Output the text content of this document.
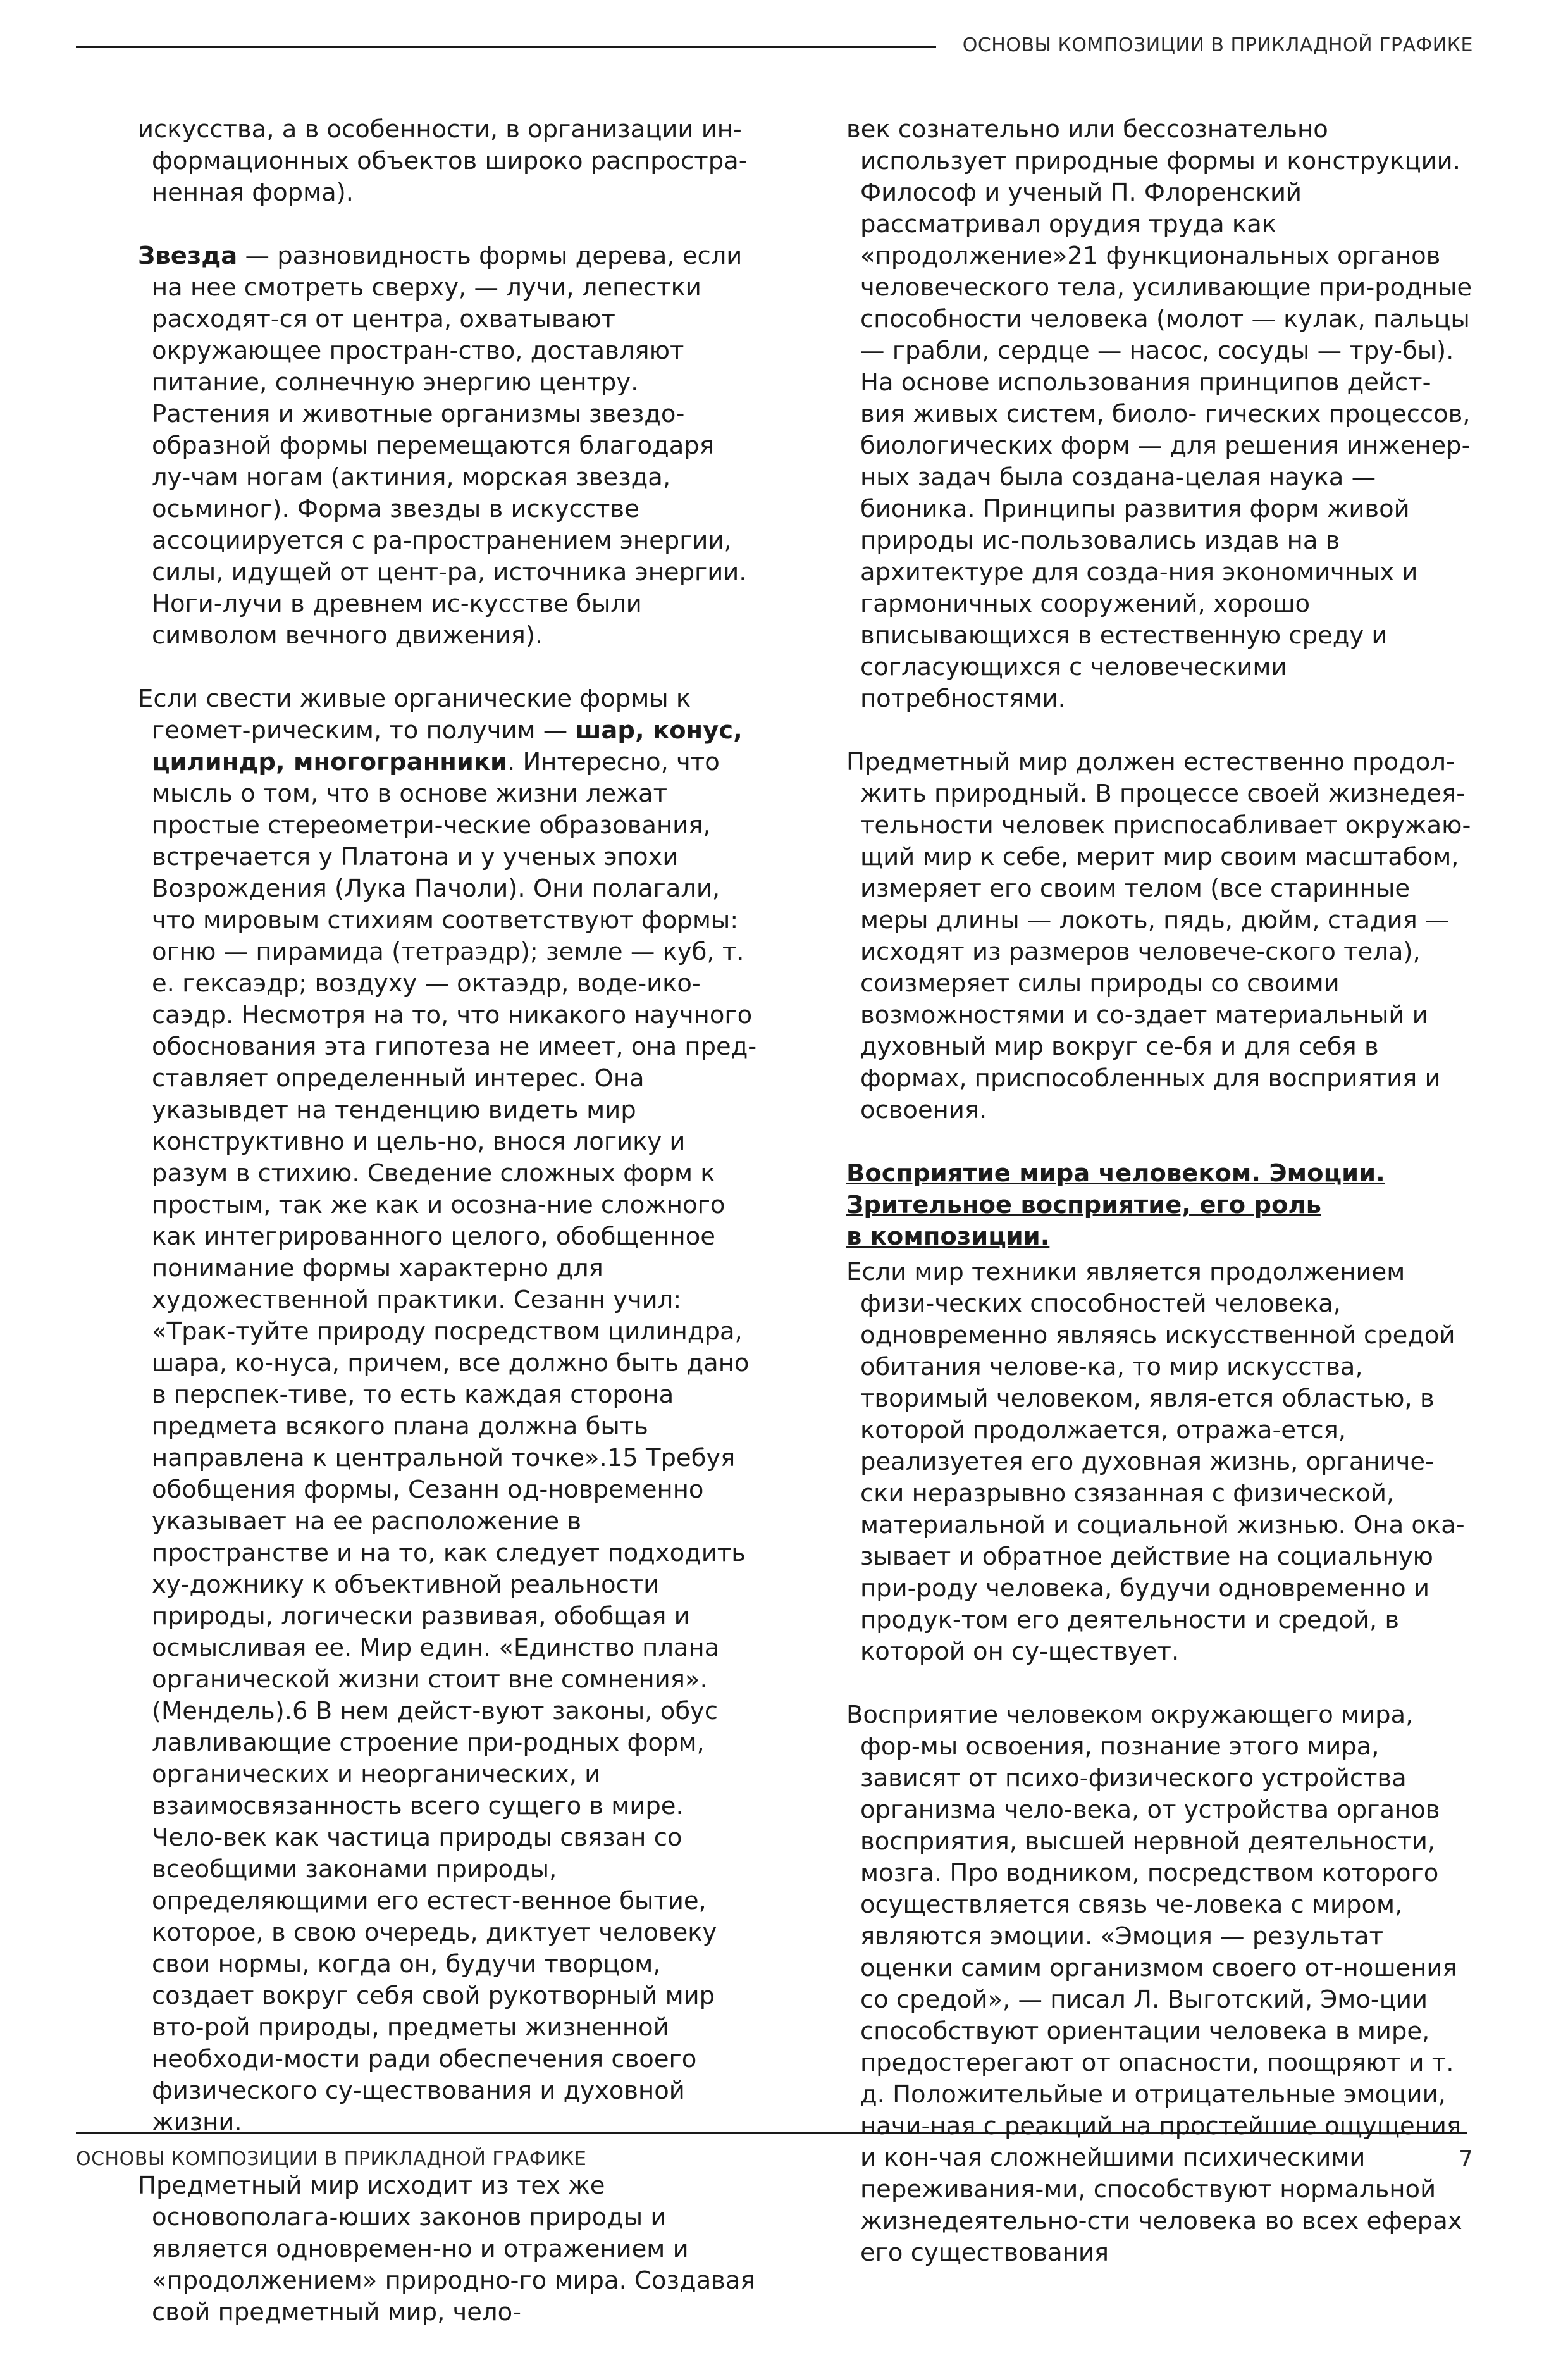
ОСНОВЫ КОМПОЗИЦИИ В ПРИКЛАДНОЙ ГРАФИКЕ

искусства, а в особенности, в организации ин-формационных объектов широко распростра-ненная форма).

Звезда — разновидность формы дерева, если на нее смотреть сверху, — лучи, лепестки расходят-ся от центра, охватывают окружающее простран-ство, доставляют питание, солнечную энергию центру. Растения и животные организмы звездо-образной формы перемещаются благодаря лу-чам ногам (актиния, морская звезда, осьминог). Форма звезды в искусстве ассоциируется с ра-пространением энергии, силы, идущей от цент-ра, источника энергии. Ноги-лучи в древнем ис-кусстве были символом вечного движения).

Если свести живые органические формы к геомет-рическим, то получим — шар, конус, цилиндр, многогранники. Интересно, что мысль о том, что в основе жизни лежат простые стереометри-ческие образования, встречается у Платона и у ученых эпохи Возрождения (Лука Пачоли). Они полагали, что мировым стихиям соответствуют формы: огню — пирамида (тетраэдр); земле — куб, т. е. гексаэдр; воздуху — октаэдр, воде-ико-саэдр. Несмотря на то, что никакого научного обоснования эта гипотеза не имеет, она пред-ставляет определенный интерес. Она указывдет на тенденцию видеть мир конструктивно и цель-но, внося логику и разум в стихию. Сведение сложных форм к простым, так же как и осозна-ние сложного как интегрированного целого, обобщенное понимание формы характерно для художественной практики. Сезанн учил: «Трак-туйте природу посредством цилиндра, шара, ко-нуса, причем, все должно быть дано в перспек-тиве, то есть каждая сторона предмета всякого плана должна быть направлена к центральной точке».15 Требуя обобщения формы, Сезанн од-новременно указывает на ее расположение в пространстве и на то, как следует подходить ху-дожнику к объективной реальности природы, логически развивая, обобщая и осмысливая ее. Мир един. «Единство плана органической жизни стоит вне сомнения». (Мендель).6 В нем дейст-вуют законы, обус лавливающие строение при-родных форм, органических и неорганических, и взаимосвязанность всего сущего в мире. Чело-век как частица природы связан со всеобщими законами природы, определяющими его естест-венное бытие, которое, в свою очередь, диктует человеку свои нормы, когда он, будучи творцом, создает вокруг себя свой рукотворный мир вто-рой природы, предметы жизненной необходи-мости ради обеспечения своего физического су-ществования и духовной жизни.

Предметный мир исходит из тех же основополага-юших законов природы и является одновремен-но и отражением и «продолжением» природно-го мира. Создавая свой предметный мир, чело-

век сознательно или бессознательно использует природные формы и конструкции. Философ и ученый П. Флоренский рассматривал орудия труда как «продолжение»21 функциональных органов человеческого тела, усиливающие при-родные способности человека (молот — кулак, пальцы — грабли, сердце — насос, сосуды — тру-бы). На основе использования принципов дейст-вия живых систем, биоло- гических процессов, биологических форм — для решения инженер-ных задач была создана-целая наука — бионика. Принципы развития форм живой природы ис-пользовались издав на в архитектуре для созда-ния экономичных и гармоничных сооружений, хорошо вписывающихся в естественную среду и согласующихся с человеческими потребностями.

Предметный мир должен естественно продол-жить природный. В процессе своей жизнедея-тельности человек приспосабливает окружаю-щий мир к себе, мерит мир своим масштабом, измеряет его своим телом (все старинные меры длины — локоть, пядь, дюйм, стадия — исходят из размеров человече-ского тела), соизмеряет силы природы со своими возможностями и со-здает материальный и духовный мир вокруг се-бя и для себя в формах, приспособленных для восприятия и освоения.

Восприятие мира человеком. Эмоции.
Зрительное восприятие, его роль
в композиции.

Если мир техники является продолжением физи-ческих способностей человека, одновременно являясь искусственной средой обитания челове-ка, то мир искусства, творимый человеком, явля-ется областью, в которой продолжается, отража-ется, реализуетея его духовная жизнь, органиче-ски неразрывно сзязанная с физической, материальной и социальной жизнью. Она ока-зывает и обратное действие на социальную при-роду человека, будучи одновременно и продук-том его деятельности и средой, в которой он су-ществует.

Восприятие человеком окружающего мира, фор-мы освоения, познание этого мира, зависят от психо-физического устройства организма чело-века, от устройства органов восприятия, высшей нервной деятельности, мозга. Про водником, посредством которого осуществляется связь че-ловека с миром, являются эмоции. «Эмоция — результат оценки самим организмом своего от-ношения со средой», — писал Л. Выготский, Эмо-ции способствуют ориентации человека в мире, предостерегают от опасности, поощряют и т. д. Положительйые и отрицательные эмоции, начи-ная с реакций на простейшие ощущения и кон-чая сложнейшими психическими переживания-ми, способствуют нормальной жизнедеятельно-сти человека во всех еферах его существования

ОСНОВЫ КОМПОЗИЦИИ В ПРИКЛАДНОЙ ГРАФИКЕ	7
